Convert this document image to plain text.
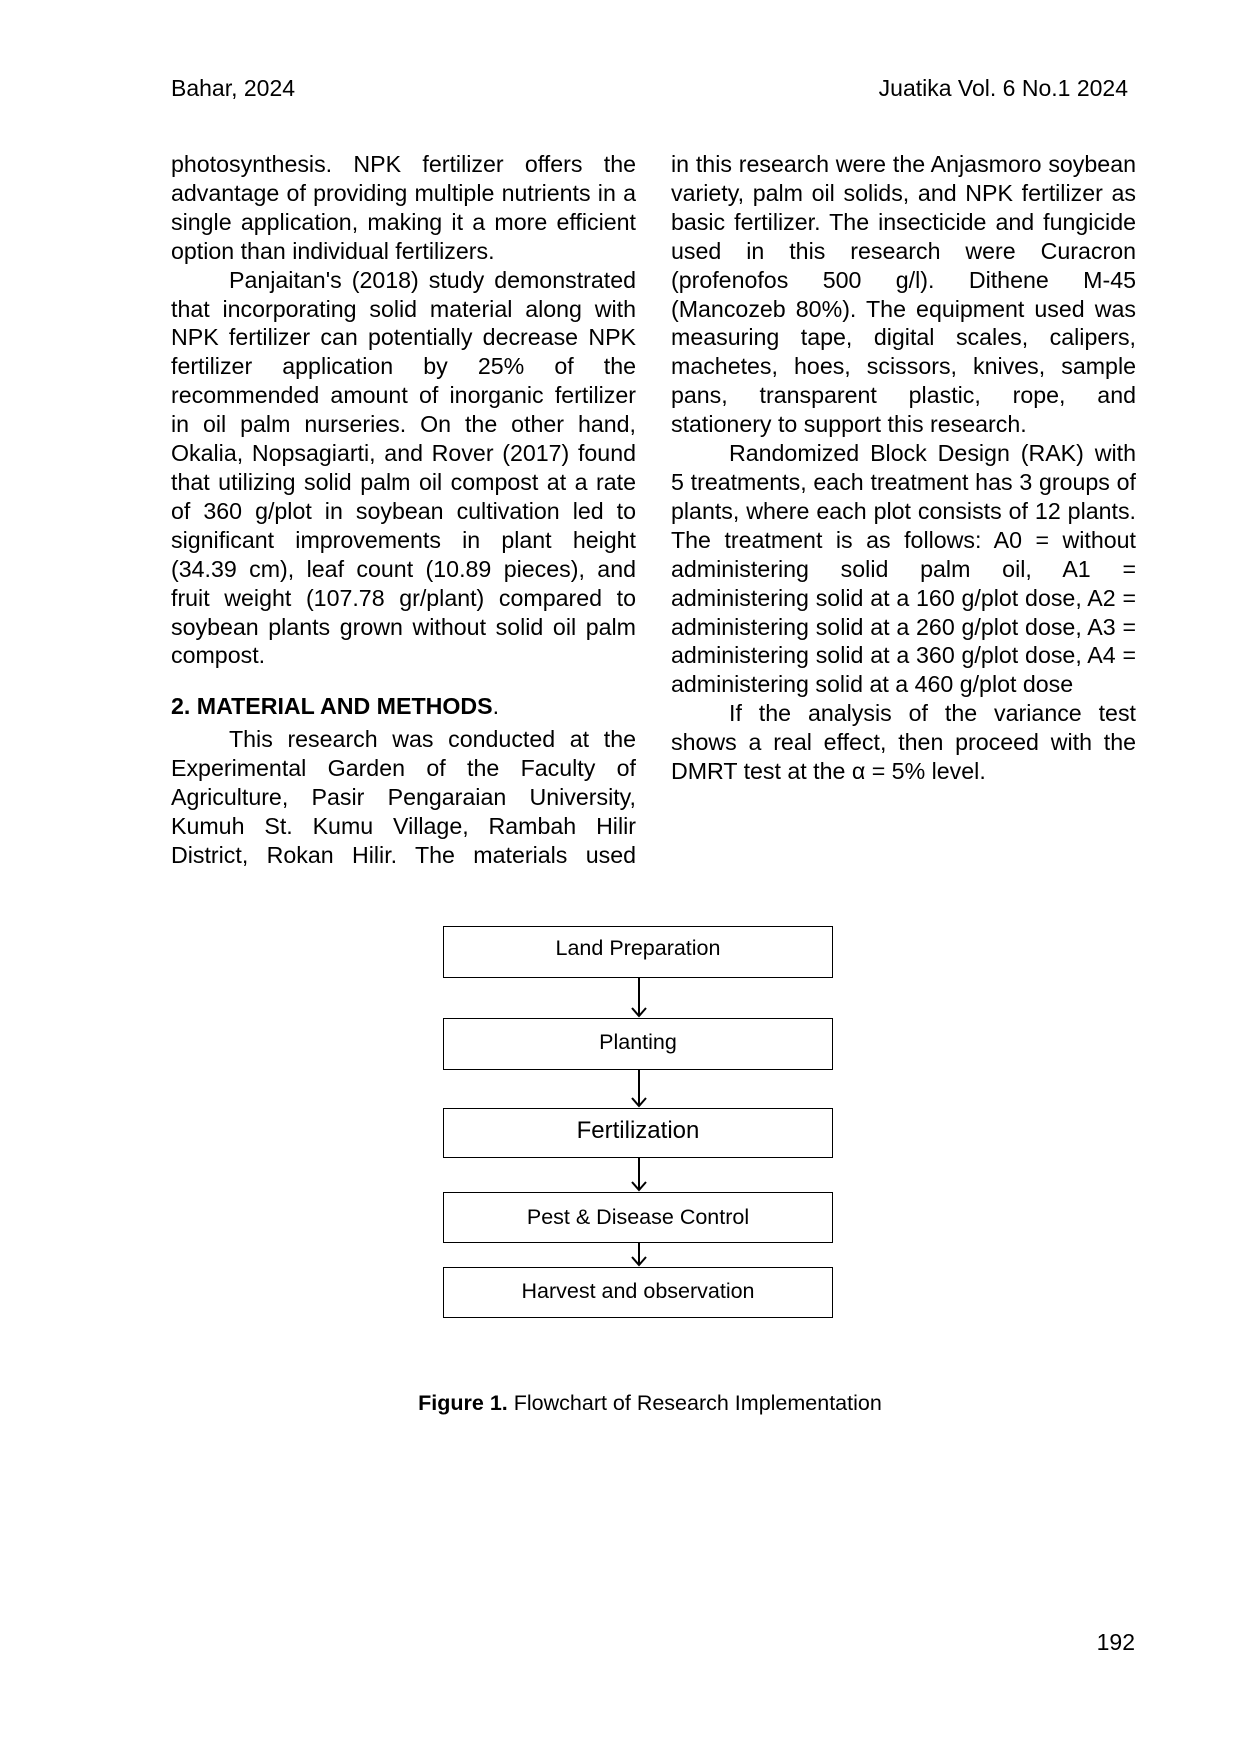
Bahar, 2024	Juatika Vol. 6 No.1 2024

photosynthesis. NPK fertilizer offers the advantage of providing multiple nutrients in a single application, making it a more efficient option than individual fertilizers.

Panjaitan's (2018) study demonstrated that incorporating solid material along with NPK fertilizer can potentially decrease NPK fertilizer application by 25% of the recommended amount of inorganic fertilizer in oil palm nurseries. On the other hand, Okalia, Nopsagiarti, and Rover (2017) found that utilizing solid palm oil compost at a rate of 360 g/plot in soybean cultivation led to significant improvements in plant height (34.39 cm), leaf count (10.89 pieces), and fruit weight (107.78 gr/plant) compared to soybean plants grown without solid oil palm compost.

2. MATERIAL AND METHODS.

This research was conducted at the Experimental Garden of the Faculty of Agriculture, Pasir Pengaraian University, Kumuh St. Kumu Village, Rambah Hilir District, Rokan Hilir. The materials used

in this research were the Anjasmoro soybean variety, palm oil solids, and NPK fertilizer as basic fertilizer. The insecticide and fungicide used in this research were Curacron (profenofos 500 g/l). Dithene M-45 (Mancozeb 80%). The equipment used was measuring tape, digital scales, calipers, machetes, hoes, scissors, knives, sample pans, transparent plastic, rope, and stationery to support this research.

Randomized Block Design (RAK) with 5 treatments, each treatment has 3 groups of plants, where each plot consists of 12 plants. The treatment is as follows: A0 = without administering solid palm oil, A1 = administering solid at a 160 g/plot dose, A2 = administering solid at a 260 g/plot dose, A3 = administering solid at a 360 g/plot dose, A4 = administering solid at a 460 g/plot dose

If the analysis of the variance test shows a real effect, then proceed with the DMRT test at the α = 5% level.

Land Preparation
Planting
Fertilization
Pest & Disease Control
Harvest and observation
Figure 1. Flowchart of Research Implementation
192
